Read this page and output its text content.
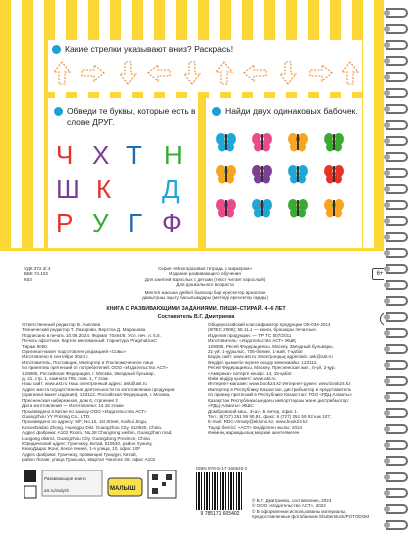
Какие стрелки указывают вниз? Раскрась!
Обведи те буквы, которые есть в слове ДРУГ.
Ч Х Т Н
Ш К Д
Р У Г Ф
Найди двух одинаковых бабочек.
УДК 372.3/.4
ББК 74.102
К53
Серия «Многоразовая тетрадь с маркером»
Издание развивающего обучения
Для занятий взрослых с детьми (текст читает взрослый)
Для дошкольного возраста
Мектеп жасына дейінгі балалар бар ересектер арналған
дамытушы оқыту басылымдары (мәтінді ересектер оқиды)
6+
КНИГА С РАЗВИВАЮЩИМИ ЗАДАНИЯМИ. ПИШИ–СТИРАЙ. 4–6 ЛЕТ
Составитель В.Г. Дмитриева
Ответственный редактор В. Азелова
Технический редактор Т. Лазорова. Верстка Д. Марашова
Подписано в печать 10.06.2024. Формат 70х84/8. Усл. печ. л. 5,5.
Печать офсетная. Картон мелованный. Гарнитура PragmaticaC
Тираж 5000.
Оригинал-макет подготовлен редакцией «Совы»
Изготовлено в сентябре 2024 г.
Изготовитель, Поставщик, Импортер и Уполномоченное лицо
по принятию претензий от потребителей: ООО «Издательство АСТ»
129085, Российская Федерация, г. Москва, Звездный бульвар,
д. 21, стр. 1, комната 705, пом. 1, 7 этаж
Наш сайт: www.ast.ru Наш электронный адрес: ask@ast.ru
Адрес места осуществления деятельности по изготовлению продукции
(оригинал-макет издания): 123112, Российская Федерация, г. Москва,
Пресненская набережная, дом 6, строение 2
Дата изготовления — Изготовлено: 14.15 этажи
Произведено в Китае по заказу ООО «Издательство АСТ»
Guangzhou YY Printing Co., LTD.
Произведено по адресу: 5/F, No.10, 1st Street, Kaihui Jingu,
KexueDadao Zhong, Huangpu Dist. Guangzhou City, 510530, China.
Адрес фабрики: A102 Room, No.28 Changlong weibin, Guangzhan road,
Luogang district, Guangzhou City, Guangdong Province, China
Юридический адрес: Гуанчжоу, Китай, 510530, район Хуанпу,
КехюДадао Жонг, Кексе янния, 1-я улица, 10, офис 10F
Адрес фабрики: Гуанчжоу, провинция Гуандун, Китай,
район Логанг, улица Гуаньзао, квартал Чанлонг 28, офис А102
Общероссийский классификатор продукции ОК-034-2014
(КПЕС 2008); 58.11.1 — книги, брошюры печатные.
Изделия продукции: — ТР ТС 007/2011
Изготовитель: «Издательство АСТ» ЖШҚ
129085, Ресей Федерациясы, Мәскеу, Звёздный бульвары,
21-үй, 1-құрылыс, 705-бөлме, 1-жай, 7-қабат
Біздің сайт: www.ast.ru Электрондық адресіміз: ask@ast.ru
Өндіріс қызметін жүзеге асыру мекенжайы: 123112,
Ресей Федерациясы, Мәскеу, Пресненская жағ., 6-үй, 2-құр.
«Америка» нәтерге кешірі. 14, 15-қабат
Өнім өндіру қызметі: www.ast.ru
Интернет-магазин: www.book24.kz Интернет-дүкен: www.book24.kz
Импортер в Республику Казахстан, дистрибьютор и представитель
по приему претензий в Республике Казахстан: ТОО «РДЦ-Алматы»
Қазақстан Республикасындағы импорттаушы және дистрибьютор:
«РДЦ-Алматы» ЖШС
Домбровский көш., 3«а», Б литер, офис 1.
Тел.: 8(727) 251 59 90,91, факс: 8 (727) 251 59 92 ішк 107;
E-mail: RDC-Almaty@eksmo.kz, www.book24.kz
Тауар белгісі: «АСТ» Өндірілген жылы: 2024
Өнімнің жарамдылық мерзімі шектелмеген
Развивающие книги
МАЛЫШ
ast.ru/malysh
ISBN 978-5-17-160540-2
9 785171 605402
© В.Г. Дмитриева, составление, 2024
© ООО «Издательство АСТ», 2024
© В оформлении использованы материалы,
предоставленные фотобанком Shutterstock/FOTODOM
